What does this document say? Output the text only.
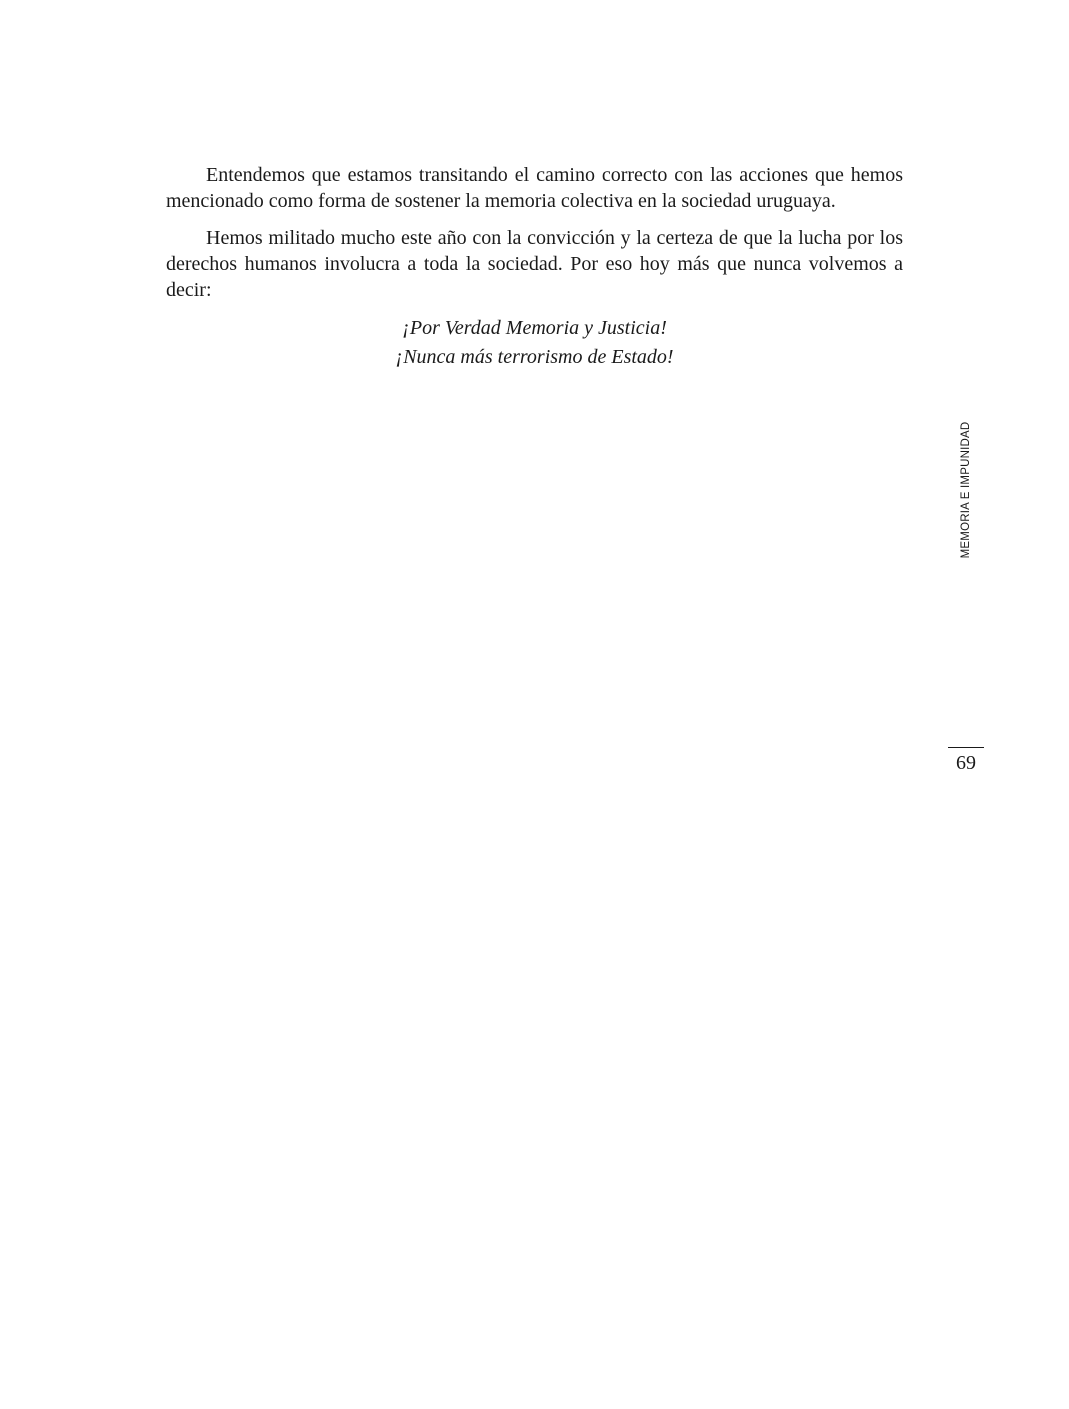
Entendemos que estamos transitando el camino correcto con las acciones que hemos mencionado como forma de sostener la memoria colectiva en la sociedad uruguaya.

Hemos militado mucho este año con la convicción y la certeza de que la lucha por los derechos humanos involucra a toda la sociedad. Por eso hoy más que nunca volvemos a decir:

¡Por Verdad Memoria y Justicia!
¡Nunca más terrorismo de Estado!
MEMORIA E IMPUNIDAD
69
